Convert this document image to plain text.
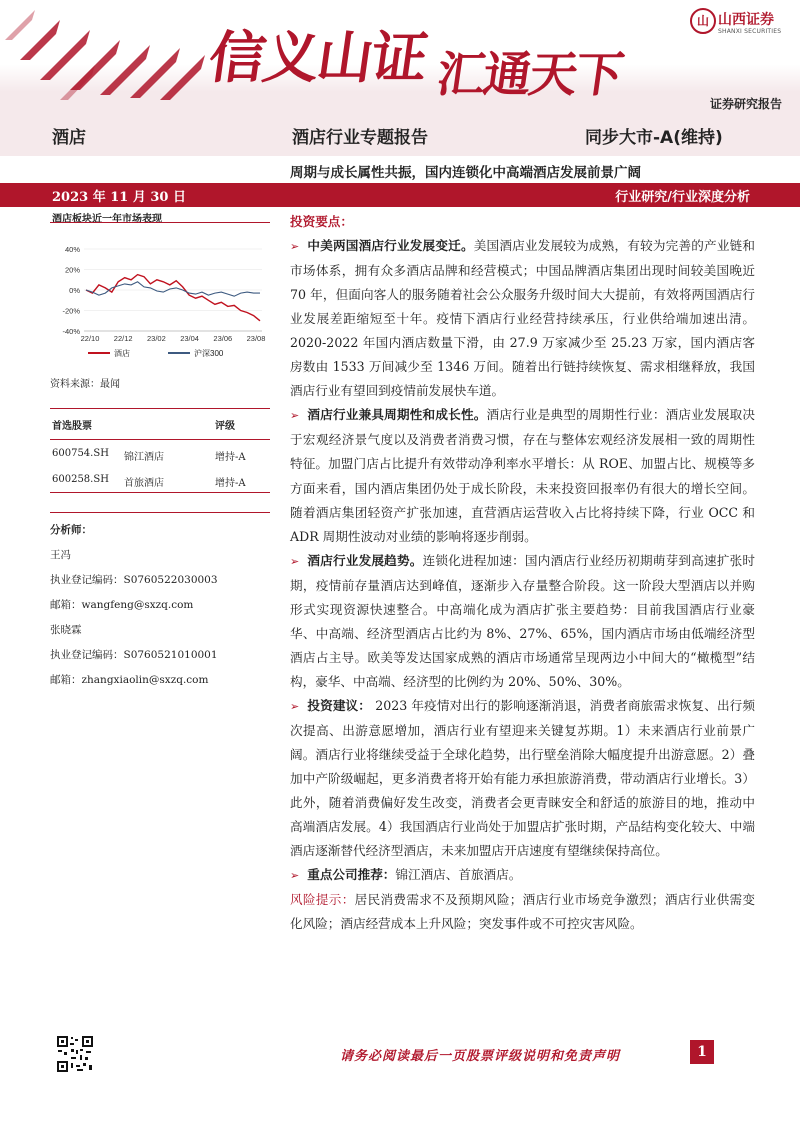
信义山证 汇通天下
山 山西证券
SHANXI SECURITIES
证券研究报告
酒店	酒店行业专题报告	同步大市-A(维持)
周期与成长属性共振，国内连锁化中高端酒店发展前景广阔
2023 年 11 月 30 日	行业研究/行业深度分析
酒店板块近一年市场表现
40%
20%
0%
-20%
-40%
22/10 22/12 23/02 23/04 23/06 23/08
酒店	沪深300
资料来源：最闻
首选股票	评级
600754.SH 锦江酒店	增持-A
600258.SH 首旅酒店	增持-A
分析师：
王冯
执业登记编码：S0760522030003
邮箱：wangfeng@sxzq.com
张晓霖
执业登记编码：S0760521010001
邮箱：zhangxiaolin@sxzq.com

投资要点：

➢ 中美两国酒店行业发展变迁。美国酒店业发展较为成熟，有较为完善的产业链和市场体系，拥有众多酒店品牌和经营模式；中国品牌酒店集团出现时间较美国晚近 70 年，但面向客人的服务随着社会公众服务升级时间大大提前，有效将两国酒店行业发展差距缩短至十年。疫情下酒店行业经营持续承压，行业供给端加速出清。2020-2022 年国内酒店数量下滑，由 27.9 万家减少至 25.23 万家，国内酒店客房数由 1533 万间减少至 1346 万间。随着出行链持续恢复、需求相继释放，我国酒店行业有望回到疫情前发展快车道。

➢ 酒店行业兼具周期性和成长性。酒店行业是典型的周期性行业：酒店业发展取决于宏观经济景气度以及消费者消费习惯，存在与整体宏观经济发展相一致的周期性特征。加盟门店占比提升有效带动净利率水平增长：从 ROE、加盟占比、规模等多方面来看，国内酒店集团仍处于成长阶段，未来投资回报率仍有很大的增长空间。随着酒店集团轻资产扩张加速，直营酒店运营收入占比将持续下降，行业 OCC 和 ADR 周期性波动对业绩的影响将逐步削弱。

➢ 酒店行业发展趋势。连锁化进程加速：国内酒店行业经历初期萌芽到高速扩张时期，疫情前存量酒店达到峰值，逐渐步入存量整合阶段。这一阶段大型酒店以并购形式实现资源快速整合。中高端化成为酒店扩张主要趋势：目前我国酒店行业豪华、中高端、经济型酒店占比约为 8%、27%、65%，国内酒店市场由低端经济型酒店占主导。欧美等发达国家成熟的酒店市场通常呈现两边小中间大的“橄榄型”结构，豪华、中高端、经济型的比例约为 20%、50%、30%。

➢ 投资建议： 2023 年疫情对出行的影响逐渐消退，消费者商旅需求恢复、出行频次提高、出游意愿增加，酒店行业有望迎来关键复苏期。1）未来酒店行业前景广阔。酒店行业将继续受益于全球化趋势，出行壁垒消除大幅度提升出游意愿。2）叠加中产阶级崛起，更多消费者将开始有能力承担旅游消费，带动酒店行业增长。3）此外，随着消费偏好发生改变，消费者会更青睐安全和舒适的旅游目的地，推动中高端酒店发展。4）我国酒店行业尚处于加盟店扩张时期，产品结构变化较大、中端酒店逐渐替代经济型酒店，未来加盟店开店速度有望继续保持高位。

➢ 重点公司推荐：锦江酒店、首旅酒店。

风险提示：居民消费需求不及预期风险；酒店行业市场竞争激烈；酒店行业供需变化风险；酒店经营成本上升风险；突发事件或不可控灾害风险。

请务必阅读最后一页股票评级说明和免责声明	1
